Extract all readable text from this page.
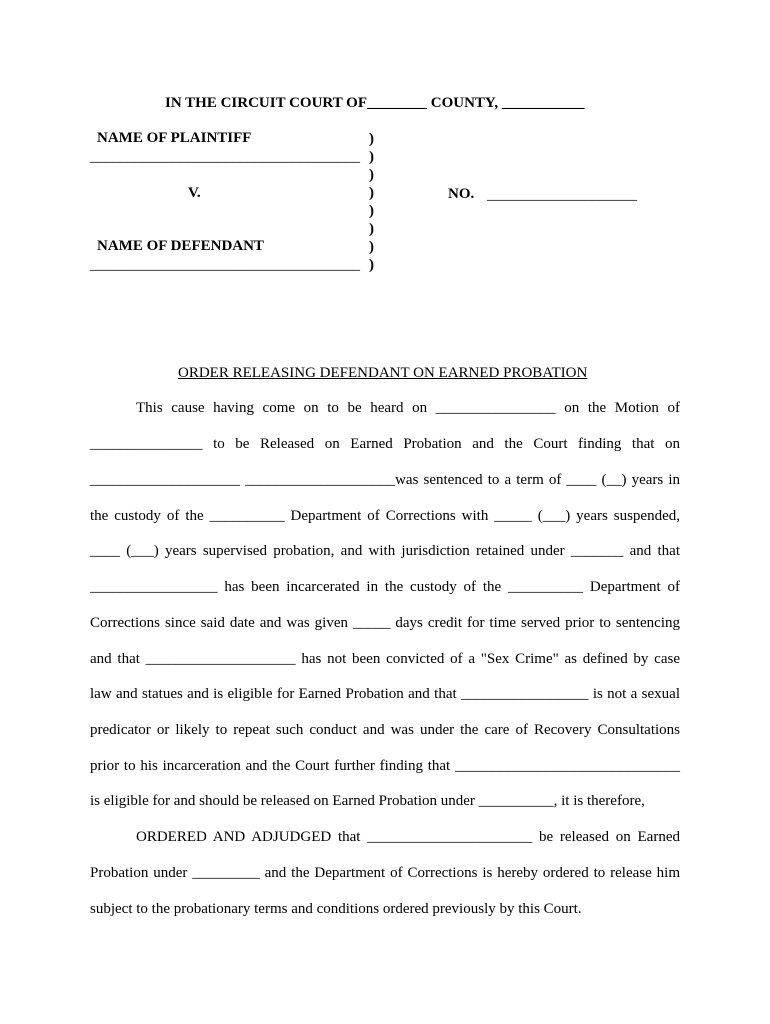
IN THE CIRCUIT COURT OF________ COUNTY, ___________
NAME OF PLAINTIFF
____________________________________
V.
NAME OF DEFENDANT
____________________________________
)
)
)
)
)
)
)
)
NO. ____________________
ORDER RELEASING DEFENDANT ON EARNED PROBATION
This cause having come on to be heard on ________________ on the Motion of
_______________ to be Released on Earned Probation and the Court finding that on
____________________ ____________________was sentenced to a term of ____ (__) years in
the custody of the __________ Department of Corrections with _____ (___) years suspended,
____ (___) years supervised probation, and with jurisdiction retained under _______ and that
_________________ has been incarcerated in the custody of the __________ Department of
Corrections since said date and was given _____ days credit for time served prior to sentencing
and that ____________________ has not been convicted of a "Sex Crime" as defined by case
law and statues and is eligible for Earned Probation and that _________________ is not a sexual
predicator or likely to repeat such conduct and was under the care of Recovery Consultations
prior to his incarceration and the Court further finding that ______________________________
is eligible for and should be released on Earned Probation under __________, it is therefore,
ORDERED AND ADJUDGED that ______________________ be released on Earned
Probation under _________ and the Department of Corrections is hereby ordered to release him
subject to the probationary terms and conditions ordered previously by this Court.
